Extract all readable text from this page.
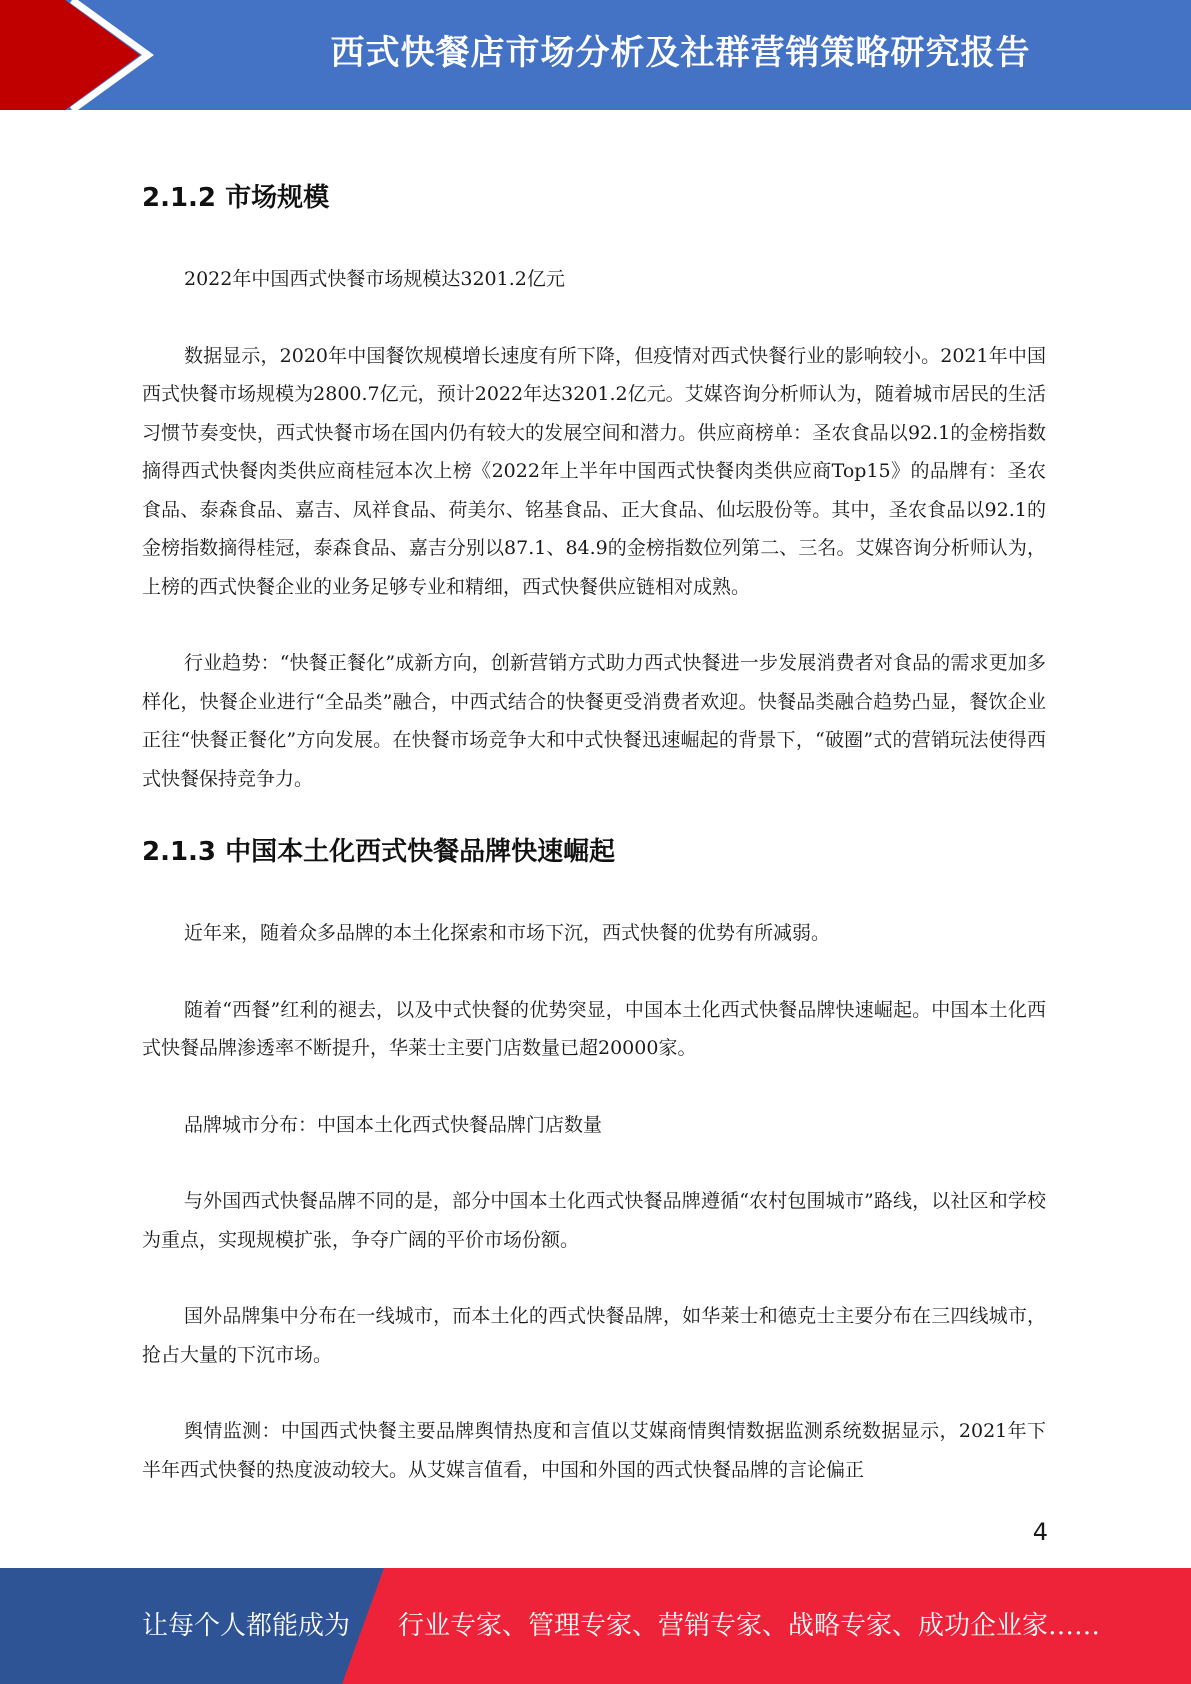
西式快餐店市场分析及社群营销策略研究报告
2.1.2 市场规模

2022年中国西式快餐市场规模达3201.2亿元

数据显示，2020年中国餐饮规模增长速度有所下降，但疫情对西式快餐行业的影响较小。2021年中国西式快餐市场规模为2800.7亿元，预计2022年达3201.2亿元。艾媒咨询分析师认为，随着城市居民的生活习惯节奏变快，西式快餐市场在国内仍有较大的发展空间和潜力。供应商榜单：圣农食品以92.1的金榜指数摘得西式快餐肉类供应商桂冠本次上榜《2022年上半年中国西式快餐肉类供应商Top15》的品牌有：圣农食品、泰森食品、嘉吉、凤祥食品、荷美尔、铭基食品、正大食品、仙坛股份等。其中，圣农食品以92.1的金榜指数摘得桂冠，泰森食品、嘉吉分别以87.1、84.9的金榜指数位列第二、三名。艾媒咨询分析师认为，上榜的西式快餐企业的业务足够专业和精细，西式快餐供应链相对成熟。

行业趋势：“快餐正餐化”成新方向，创新营销方式助力西式快餐进一步发展消费者对食品的需求更加多样化，快餐企业进行“全品类”融合，中西式结合的快餐更受消费者欢迎。快餐品类融合趋势凸显，餐饮企业正往“快餐正餐化”方向发展。在快餐市场竞争大和中式快餐迅速崛起的背景下，“破圈”式的营销玩法使得西式快餐保持竞争力。

2.1.3 中国本土化西式快餐品牌快速崛起

近年来，随着众多品牌的本土化探索和市场下沉，西式快餐的优势有所减弱。

随着“西餐”红利的褪去，以及中式快餐的优势突显，中国本土化西式快餐品牌快速崛起。中国本土化西式快餐品牌渗透率不断提升，华莱士主要门店数量已超20000家。

品牌城市分布：中国本土化西式快餐品牌门店数量

与外国西式快餐品牌不同的是，部分中国本土化西式快餐品牌遵循“农村包围城市”路线，以社区和学校为重点，实现规模扩张，争夺广阔的平价市场份额。

国外品牌集中分布在一线城市，而本土化的西式快餐品牌，如华莱士和德克士主要分布在三四线城市，抢占大量的下沉市场。

舆情监测：中国西式快餐主要品牌舆情热度和言值以艾媒商情舆情数据监测系统数据显示，2021年下半年西式快餐的热度波动较大。从艾媒言值看，中国和外国的西式快餐品牌的言论偏正

4
让每个人都能成为 行业专家、管理专家、营销专家、战略专家、成功企业家……
